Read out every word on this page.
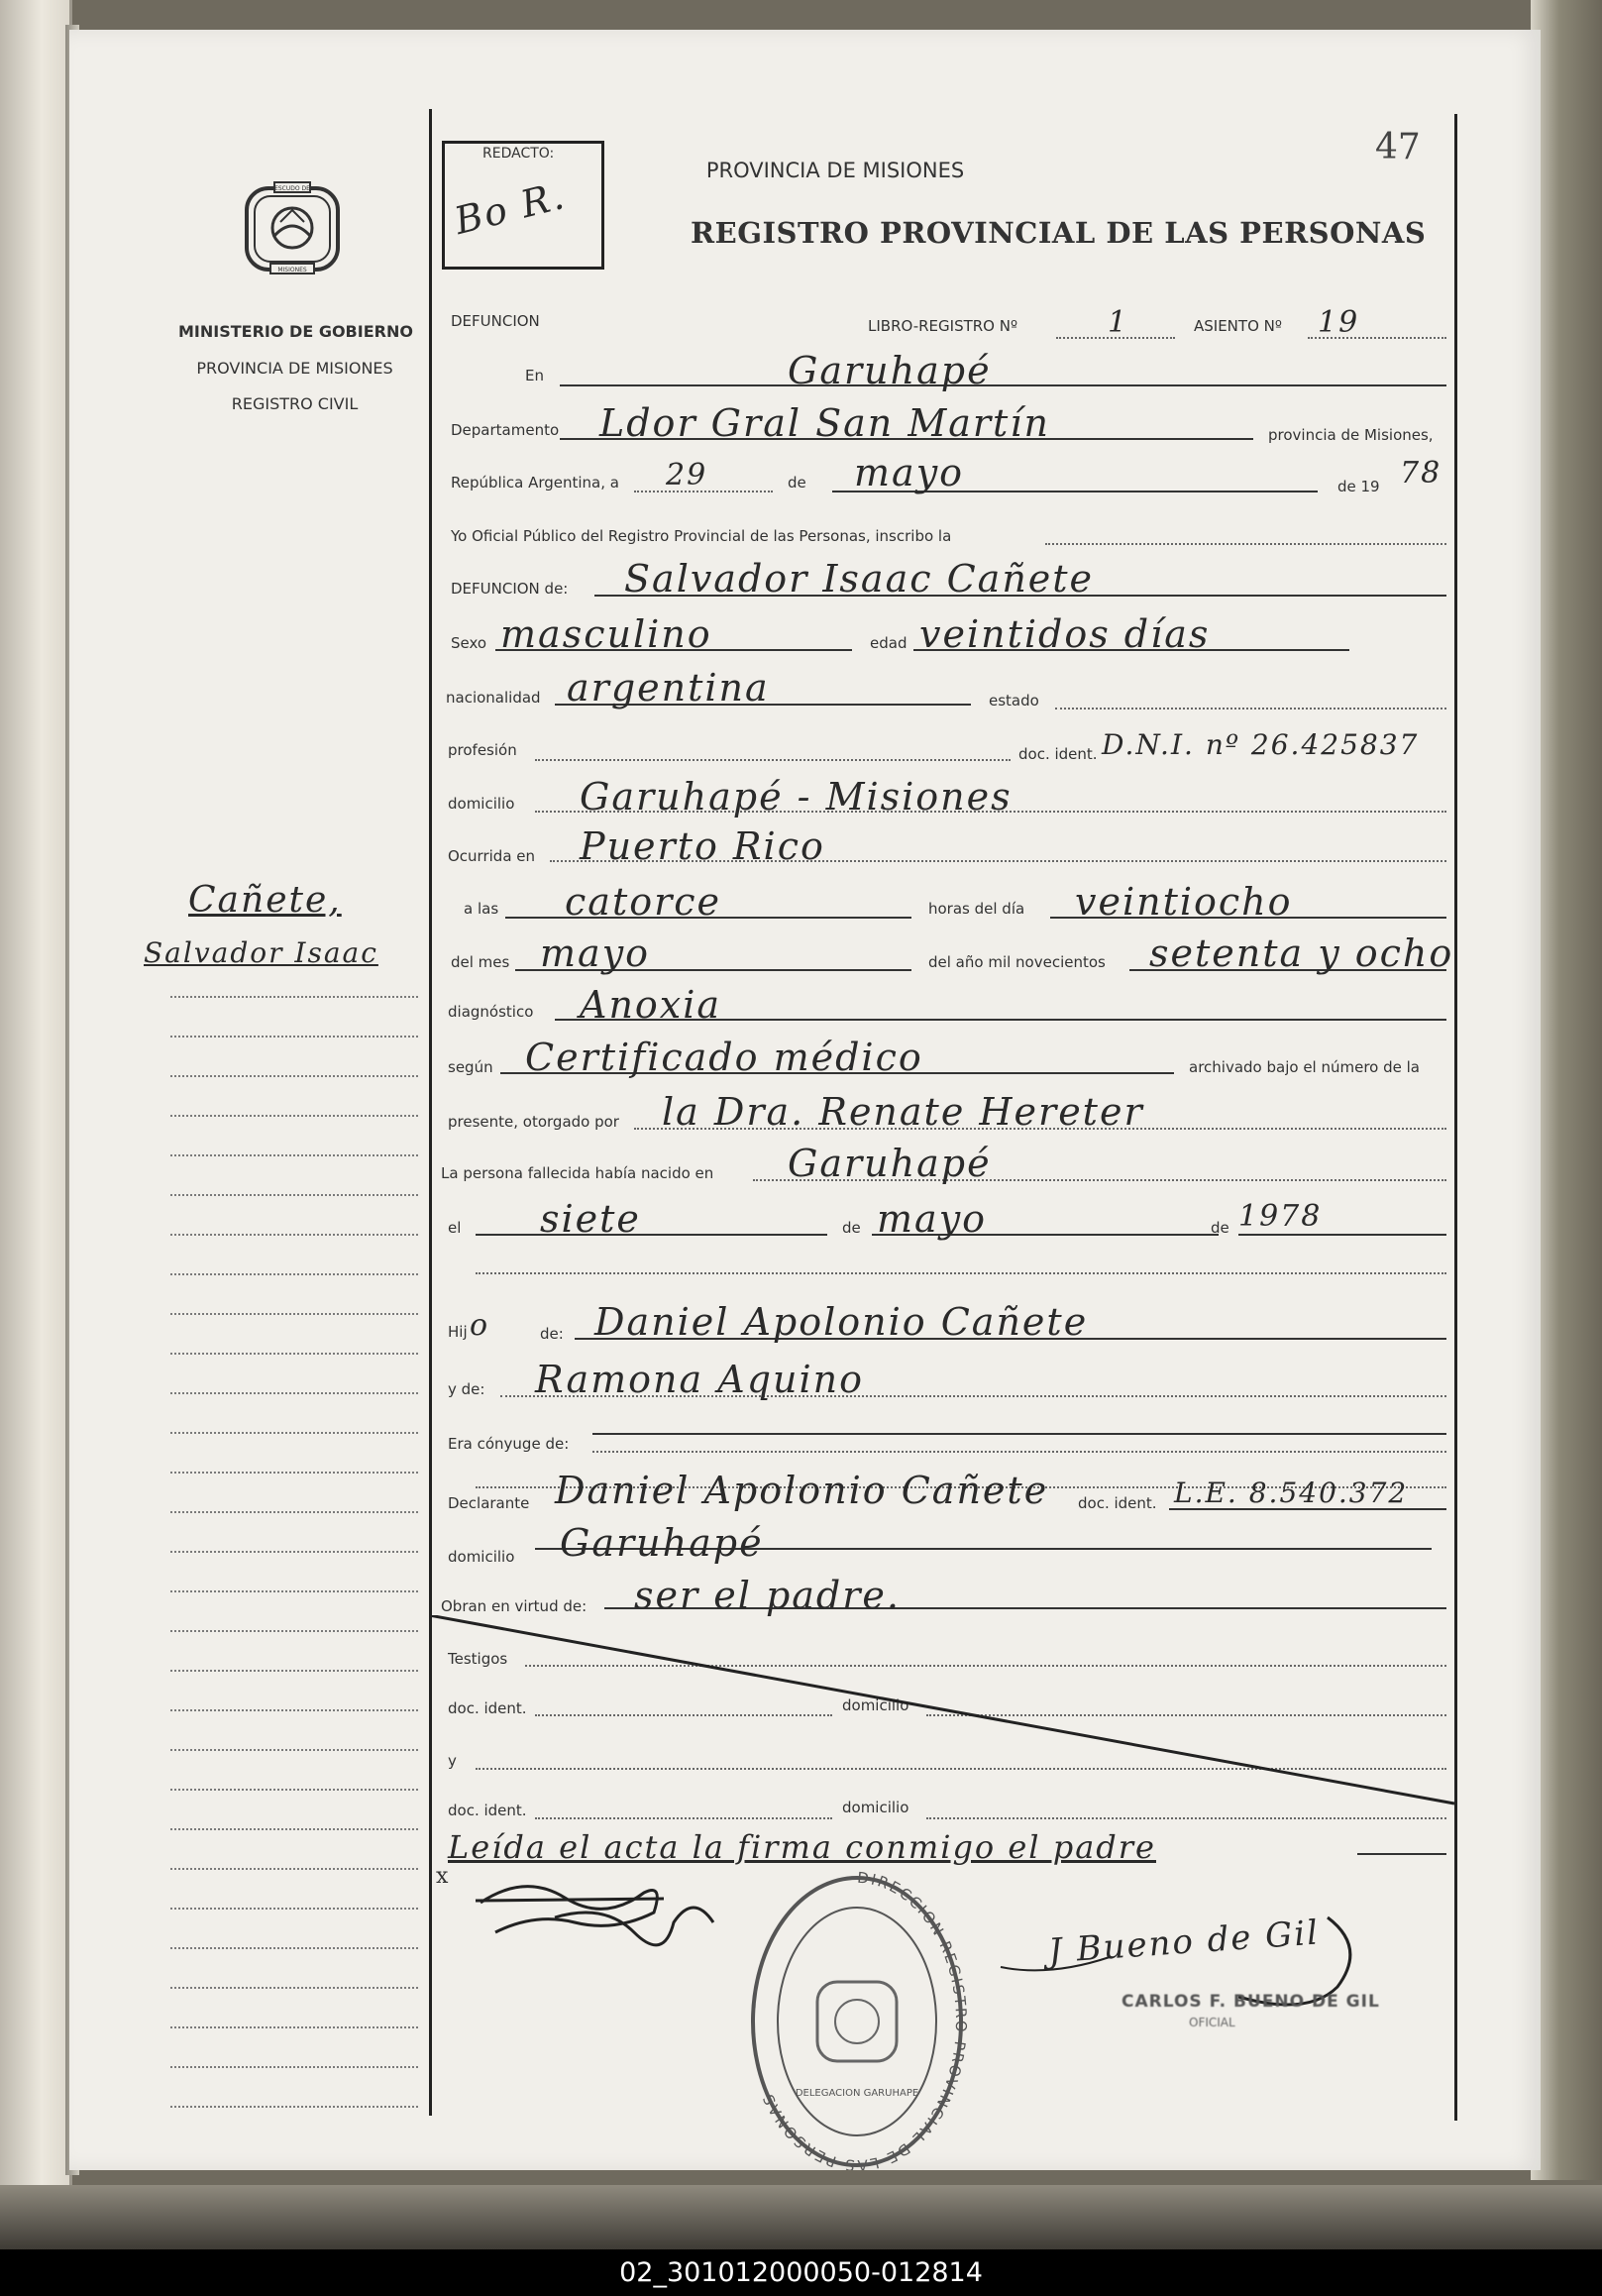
02_301012000050-012814
47
ESCUDO DE
MISIONES
MINISTERIO DE GOBIERNO
PROVINCIA DE MISIONES
REGISTRO CIVIL
REDACTO:
Bo R.
PROVINCIA DE MISIONES
REGISTRO PROVINCIAL DE LAS PERSONAS
DEFUNCION	LIBRO-REGISTRO Nº	1	ASIENTO Nº 19
En	Garuhapé
Departamento Ldor Gral San Martín	provincia de Misiones,
República Argentina, a 29	de mayo	de 19 78
Yo Oficial Público del Registro Provincial de las Personas, inscribo la
DEFUNCION de: Salvador Isaac Cañete
Sexo masculino	edad veintidos días
nacionalidad argentina	estado
profesión	doc. ident. D.N.I. nº 26.425837
domicilio Garuhapé - Misiones
Ocurrida en Puerto Rico
a las catorce	horas del día veintiocho
del mes mayo	del año mil novecientos setenta y ocho
diagnóstico Anoxia
según Certificado médico	archivado bajo el número de la
presente, otorgado por la Dra. Renate Hereter
La persona fallecida había nacido en Garuhapé
el siete	de mayo	de 1978
Hij o	de: Daniel Apolonio Cañete
y de: Ramona Aquino
Era cónyuge de:
Declarante Daniel Apolonio Cañete doc. ident. L.E. 8.540.372
domicilio Garuhapé
Obran en virtud de: ser el padre.
Testigos
doc. ident.	domicilio
y
doc. ident.	domicilio
Leída el acta la firma conmigo el padre
x
J Bueno de Gil
CARLOS F. BUENO DE GIL
OFICIAL
DIRECCION REGISTRO PROVINCIAL DE LAS PERSONAS	DELEGACION GARUHAPE
Cañete,
Salvador Isaac
